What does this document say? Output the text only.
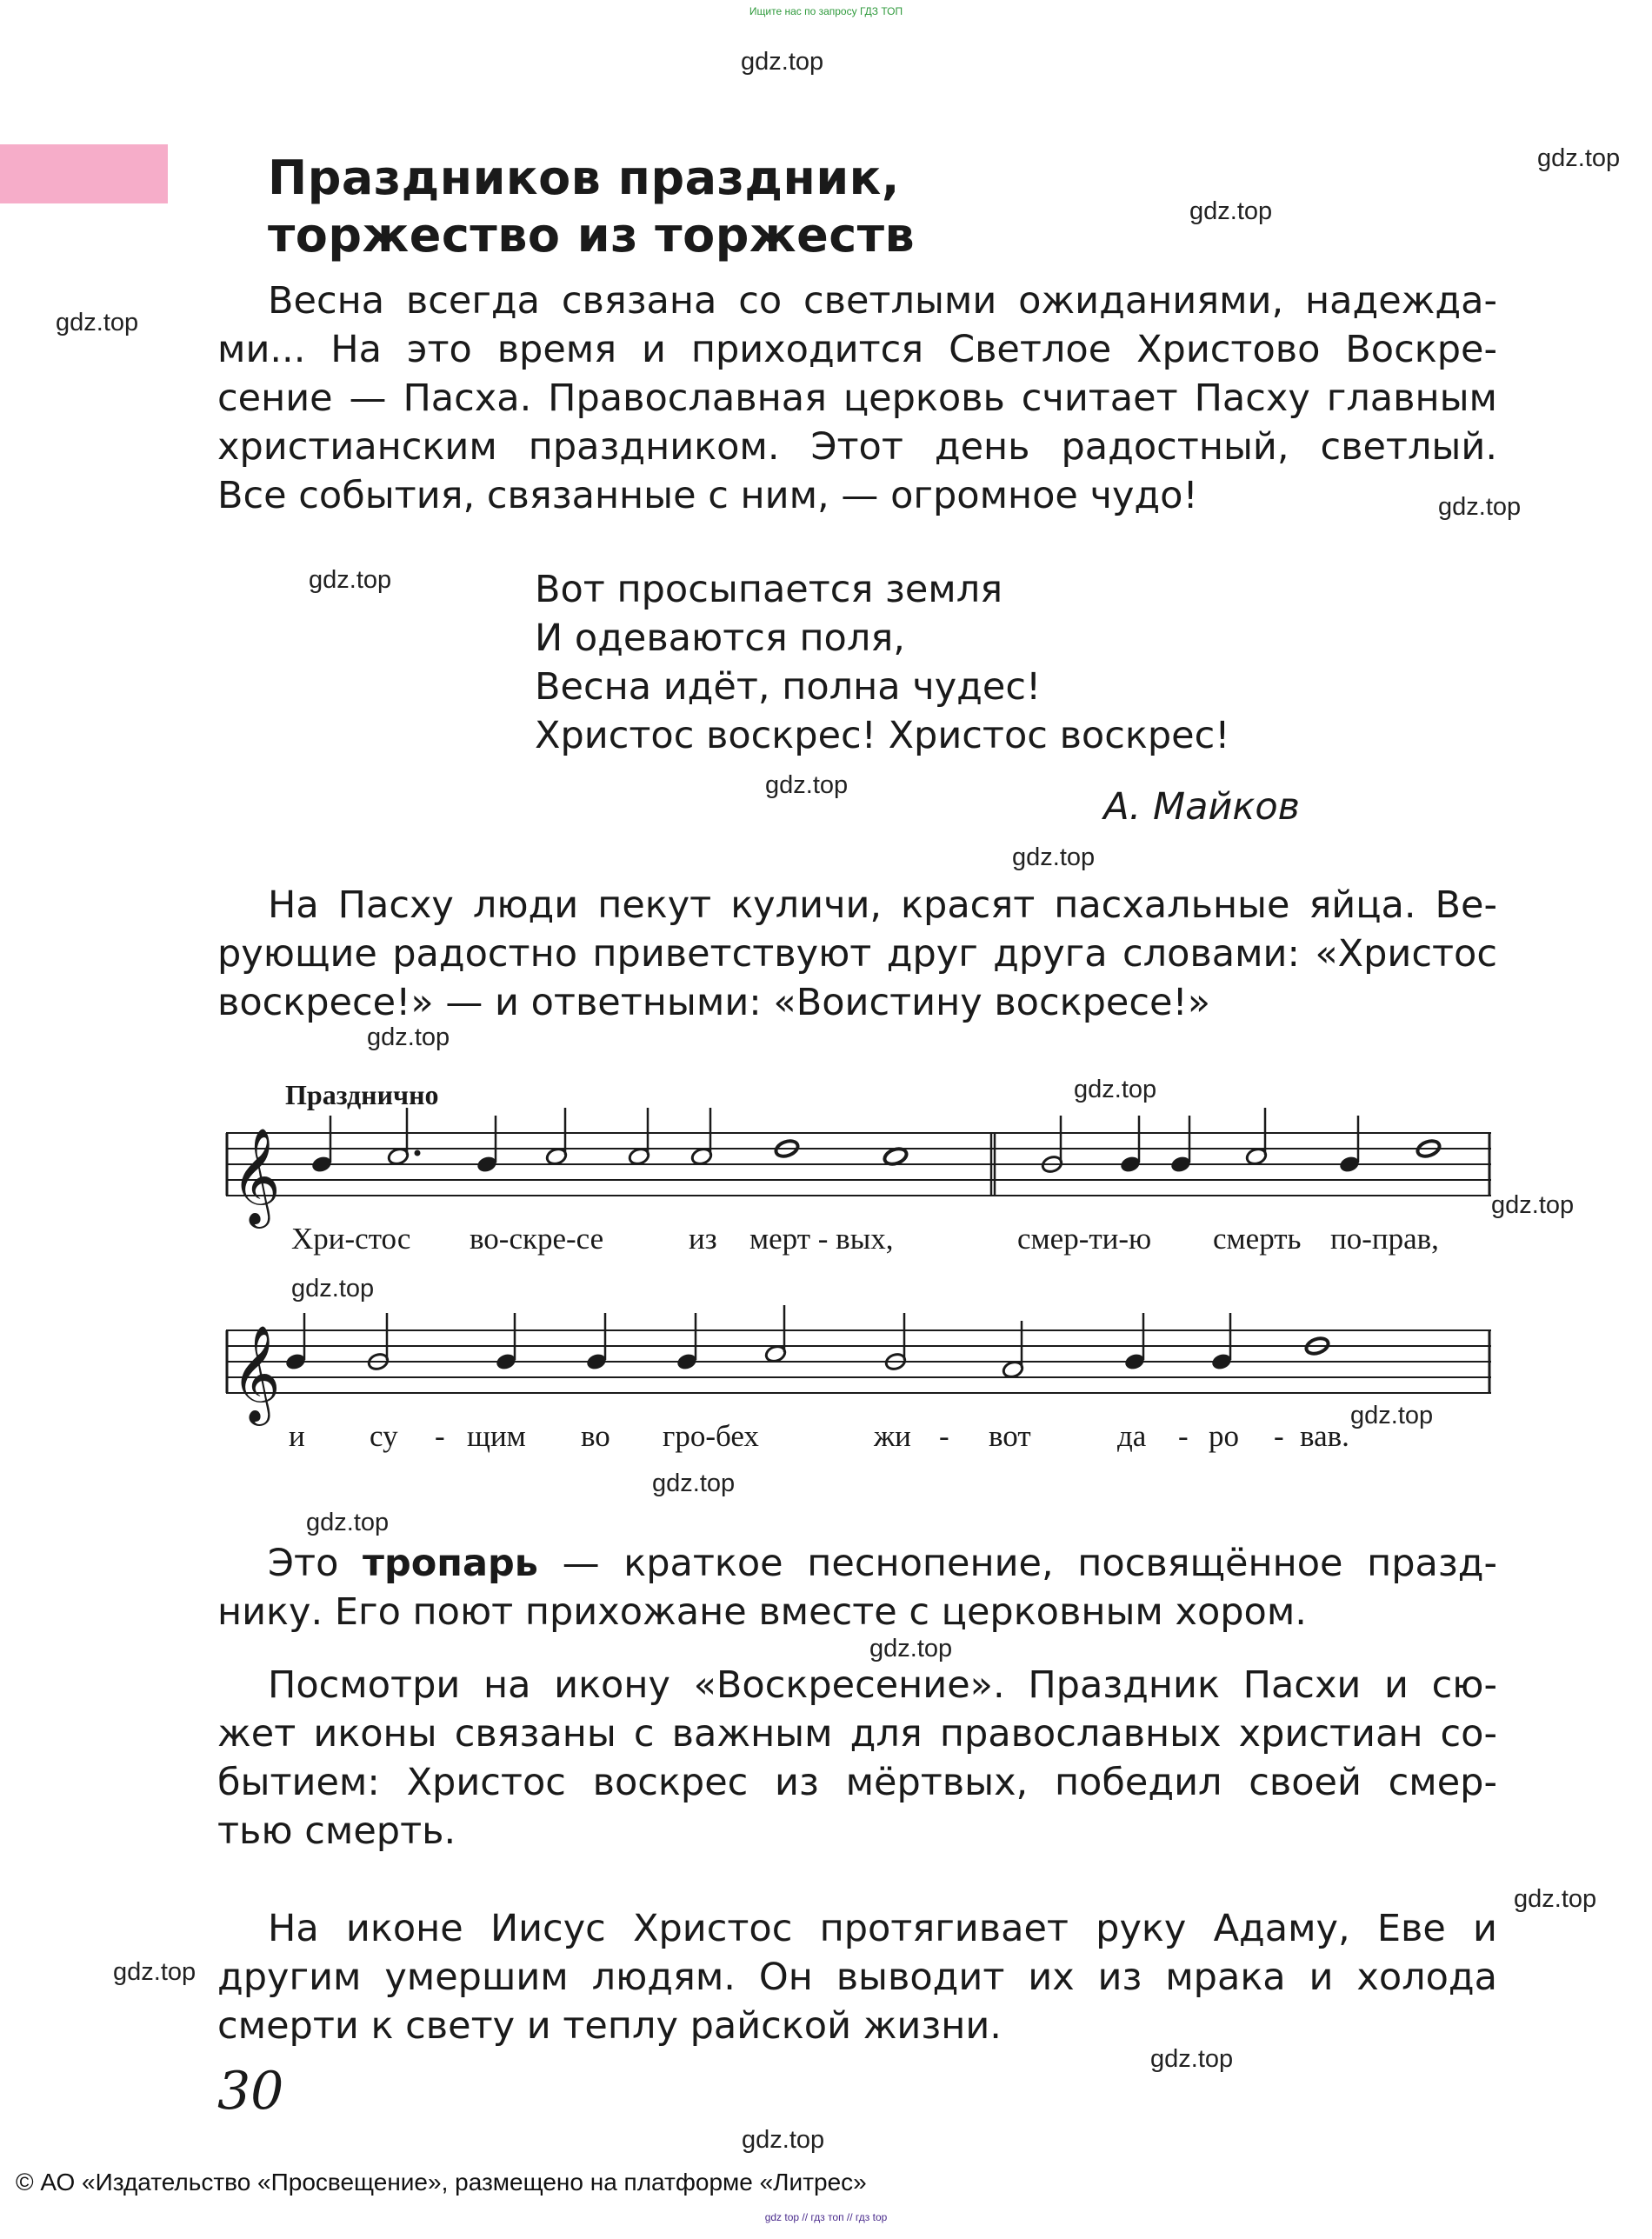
Ищите нас по запросу ГДЗ ТОП
gdz.top
gdz.top
gdz.top
gdz.top
gdz.top
gdz.top
gdz.top
gdz.top
gdz.top
gdz.top
gdz.top
gdz.top
gdz.top
gdz.top
gdz.top
gdz.top
gdz.top
gdz.top
gdz.top
gdz.top
Праздников праздник,
торжество из торжеств
Весна всегда связана со светлыми ожиданиями, надежда-
ми... На это время и приходится Светлое Христово Воскре-
сение — Пасха. Православная церковь считает Пасху главным
христианским праздником. Этот день радостный, светлый.
Все события, связанные с ним, — огромное чудо!
Вот просыпается земля
И одеваются поля,
Весна идёт, полна чудес!
Христос воскрес! Христос воскрес!
А. Майков
На Пасху люди пекут куличи, красят пасхальные яйца. Ве-
рующие радостно приветствуют друг друга словами: «Христос
воскресе!» — и ответными: «Воистину воскресе!»
Празднично
𝄞
𝄞
Хри-стос во-скре-се	из мерт - вых,	смер-ти-ю смерть по-прав,
и су - щим во гро-бех	жи - вот	да - ро - вав.
Это тропарь — краткое песнопение, посвящённое празд-
нику. Его поют прихожане вместе с церковным хором.
Посмотри на икону «Воскресение». Праздник Пасхи и сю-
жет иконы связаны с важным для православных христиан со-
бытием: Христос воскрес из мёртвых, победил своей смер-
тью смерть.
На иконе Иисус Христос протягивает руку Адаму, Еве и
другим умершим людям. Он выводит их из мрака и холода
смерти к свету и теплу райской жизни.
30
© АО «Издательство «Просвещение», размещено на платформе «Литрес»
gdz top // гдз топ // гдз top
